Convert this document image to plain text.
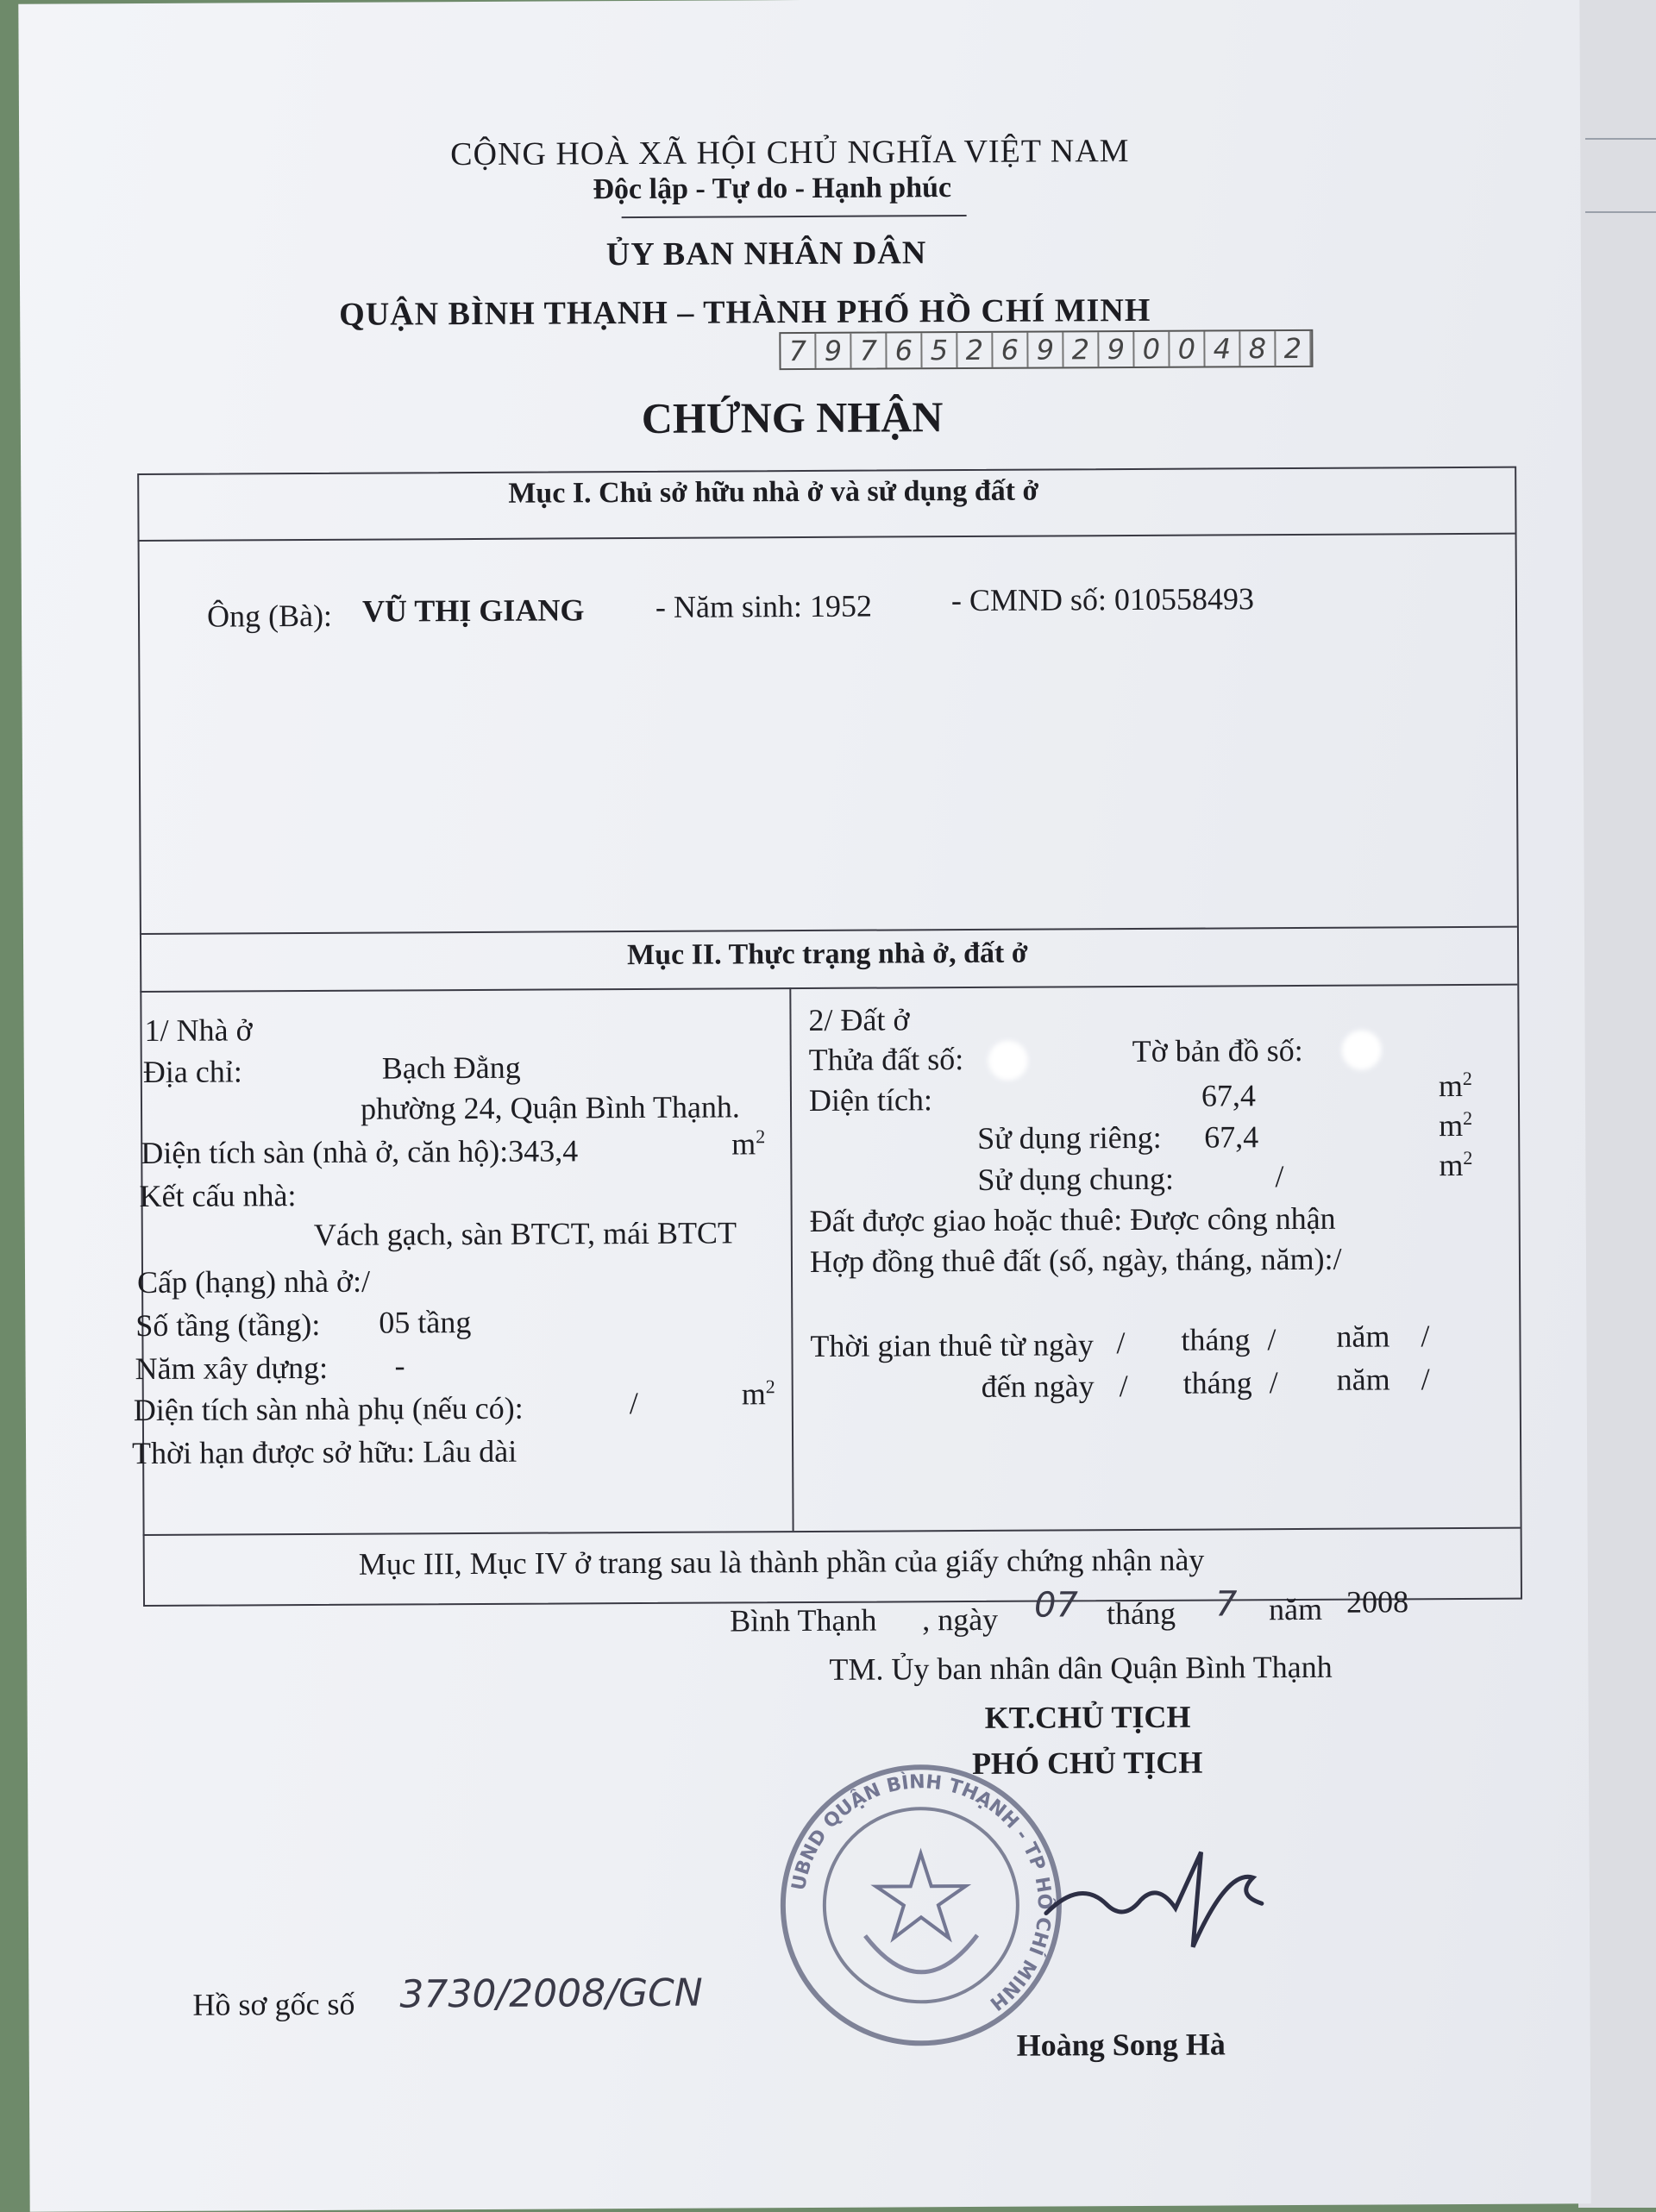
CỘNG HOÀ XÃ HỘI CHỦ NGHĨA VIỆT NAM
Độc lập - Tự do - Hạnh phúc
ỦY BAN NHÂN DÂN
QUẬN BÌNH THẠNH – THÀNH PHỐ HỒ CHÍ MINH
7 9 7 6 5 2 6 9 2 9 0 0 4 8 2
CHỨNG NHẬN
Mục I. Chủ sở hữu nhà ở và sử dụng đất ở
Ông (Bà): VŨ THỊ GIANG - Năm sinh: 1952	- CMND số: 010558493
Mục II. Thực trạng nhà ở, đất ở
1/ Nhà ở
Địa chỉ:	Bạch Đằng
phường 24, Quận Bình Thạnh.
Diện tích sàn (nhà ở, căn hộ):343,4	$m^2$
Kết cấu nhà:
Vách gạch, sàn BTCT, mái BTCT
Cấp (hạng) nhà ở:/
Số tầng (tầng): 05 tầng
Năm xây dựng: -
Diện tích sàn nhà phụ (nếu có):	/	$m^2$
Thời hạn được sở hữu: Lâu dài
2/ Đất ở
Thửa đất số:	Tờ bản đồ số:
Diện tích:	67,4	$m^2$
Sử dụng riêng: 67,4	$m^2$
Sử dụng chung:	/	$m^2$
Đất được giao hoặc thuê: Được công nhận
Hợp đồng thuê đất (số, ngày, tháng, năm):/
Thời gian thuê từ ngày / tháng / năm /
đến ngày / tháng / năm /
Mục III, Mục IV ở trang sau là thành phần của giấy chứng nhận này
Bình Thạnh , ngày 07 tháng 7 năm 2008
TM. Ủy ban nhân dân Quận Bình Thạnh
KT.CHỦ TỊCH
PHÓ CHỦ TỊCH
UBND QUẬN BÌNH THẠNH - TP HỒ CHÍ MINH
Hoàng Song Hà
Hồ sơ gốc số 3730/2008/GCN
